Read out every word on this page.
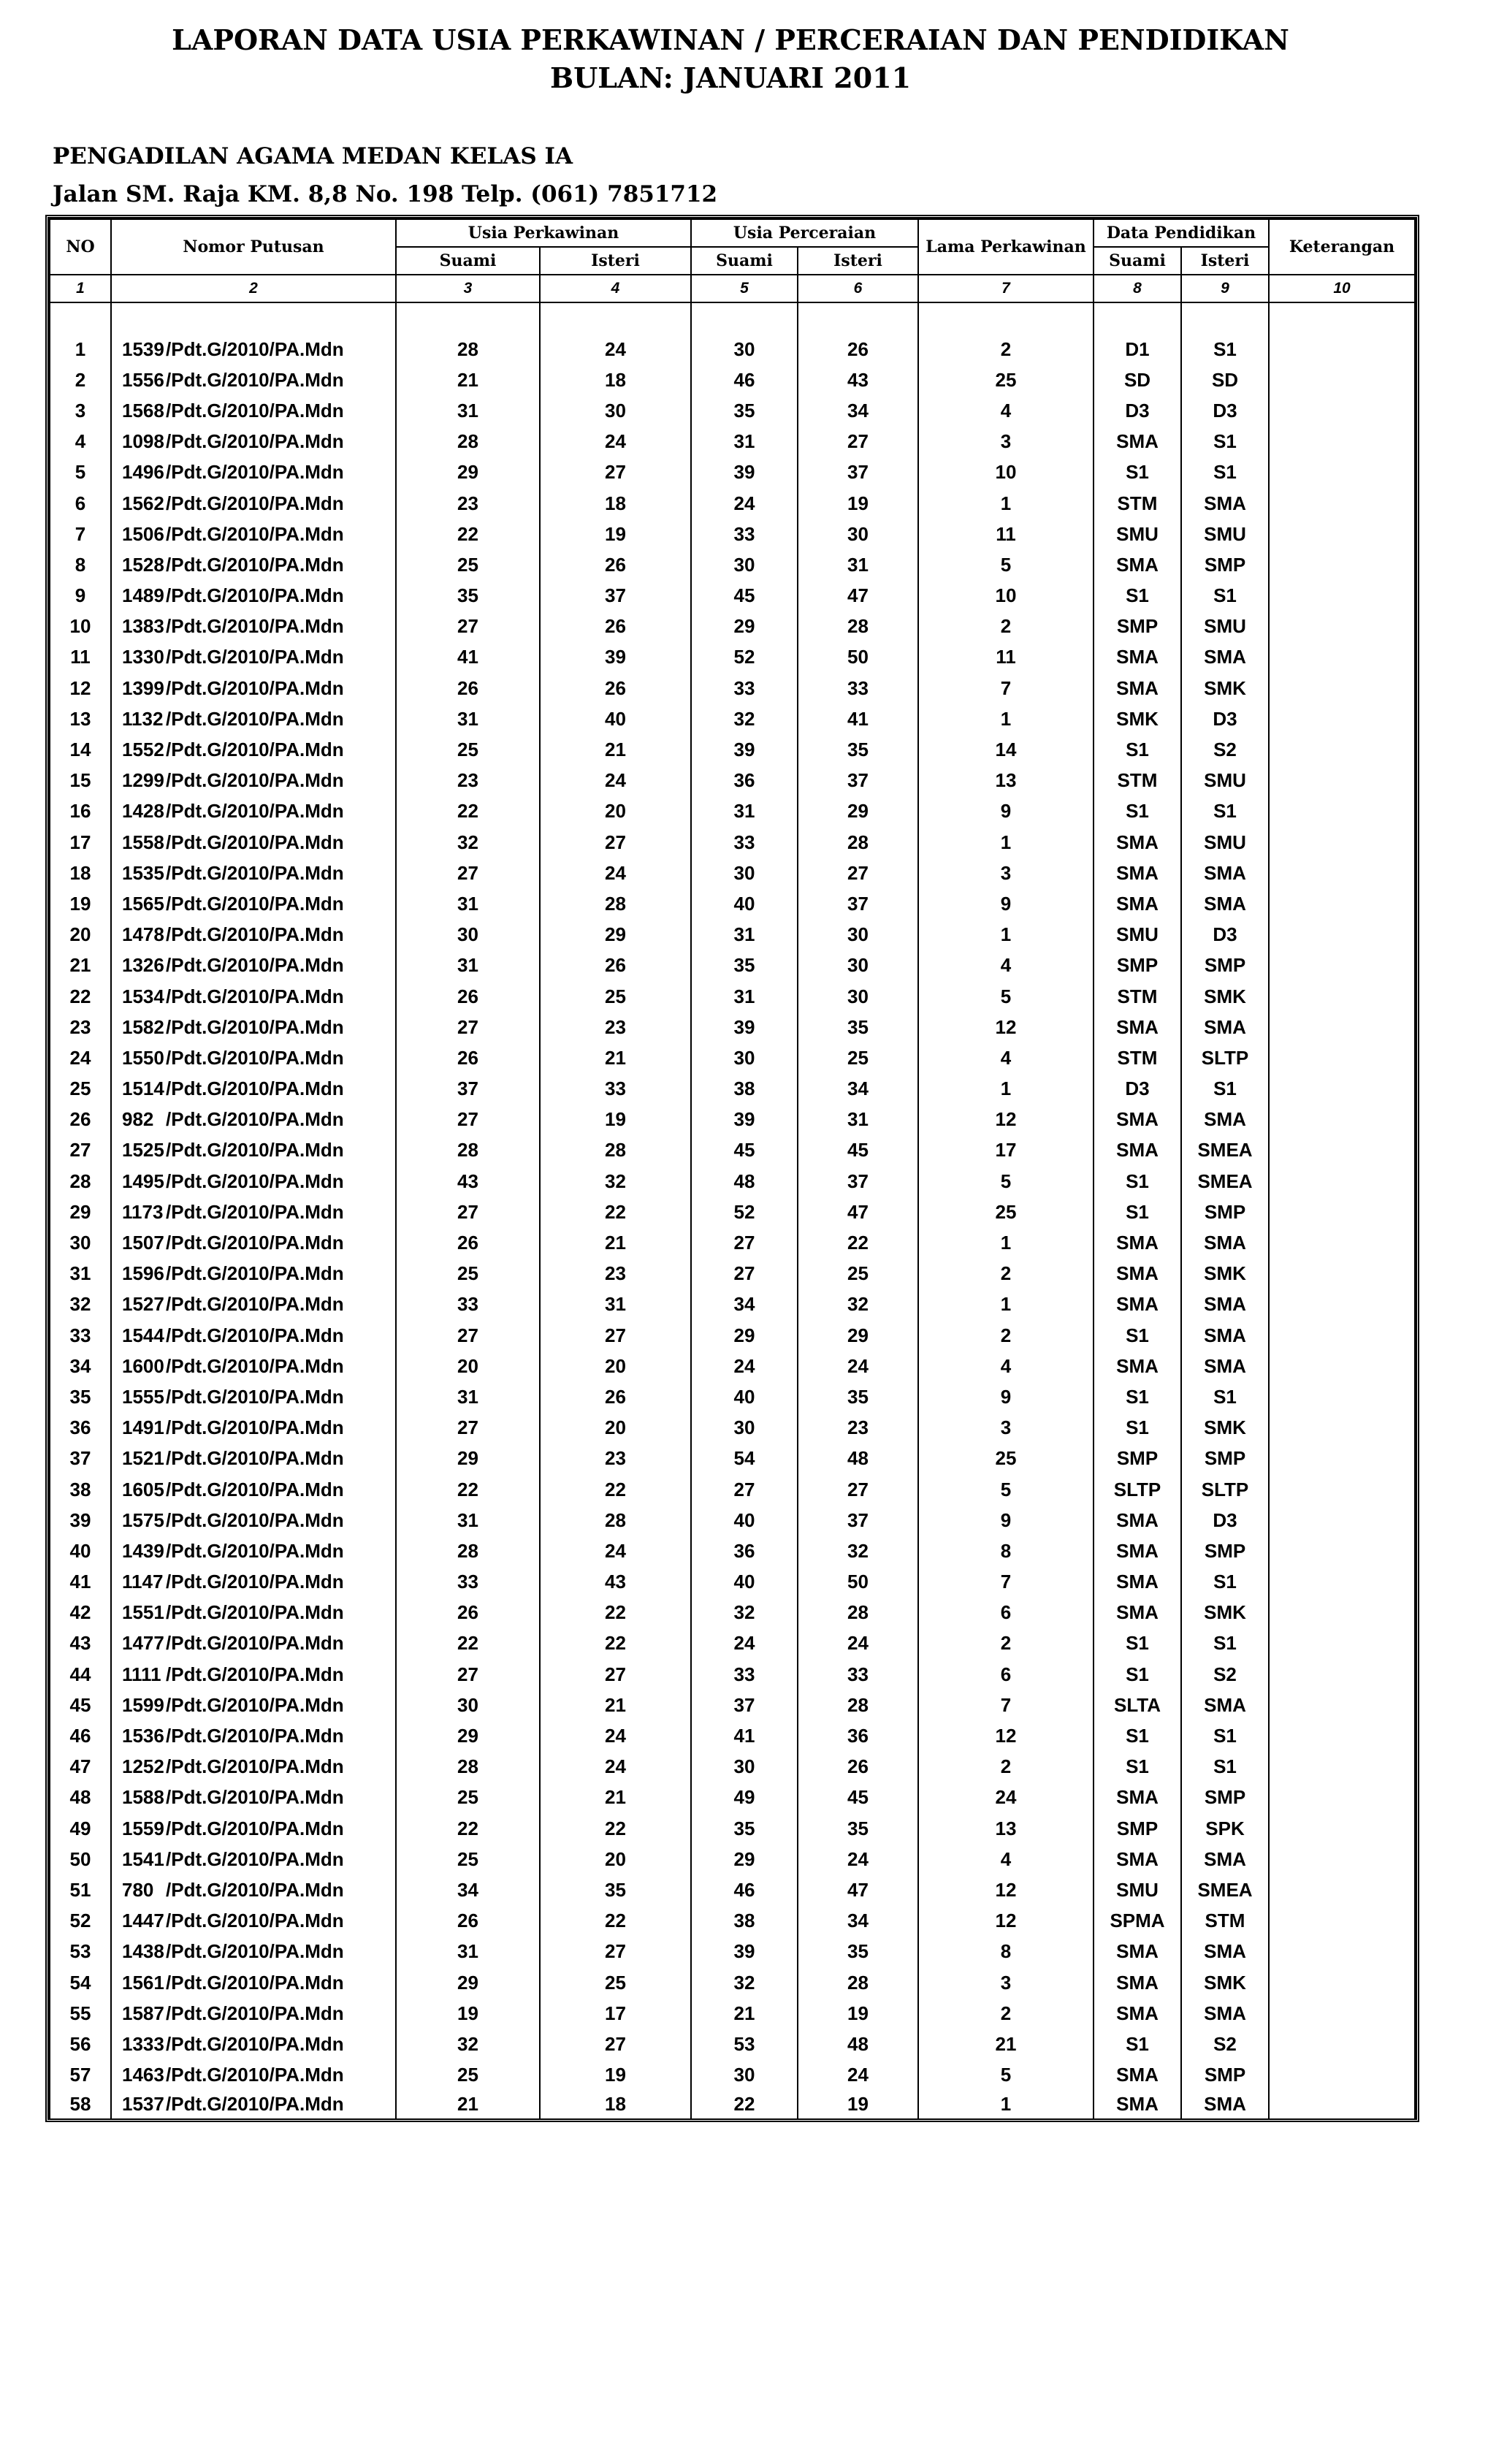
LAPORAN DATA USIA PERKAWINAN / PERCERAIAN DAN PENDIDIKAN
BULAN: JANUARI 2011
PENGADILAN AGAMA MEDAN KELAS IA
Jalan SM. Raja KM. 8,8 No. 198 Telp. (061) 7851712
NO	Nomor Putusan	Usia Perkawinan		Usia Perceraian		Lama Perkawinan	Data Pendidikan		Keterangan
		Suami	Isteri	Suami	Isteri		Suami	Isteri	
1	2	3	4	5	6	7	8	9	10

1	1539/Pdt.G/2010/PA.Mdn	28	24	30	26	2	D1	S1	
2	1556/Pdt.G/2010/PA.Mdn	21	18	46	43	25	SD	SD	
3	1568/Pdt.G/2010/PA.Mdn	31	30	35	34	4	D3	D3	
4	1098/Pdt.G/2010/PA.Mdn	28	24	31	27	3	SMA	S1	
5	1496/Pdt.G/2010/PA.Mdn	29	27	39	37	10	S1	S1	
6	1562/Pdt.G/2010/PA.Mdn	23	18	24	19	1	STM	SMA	
7	1506/Pdt.G/2010/PA.Mdn	22	19	33	30	11	SMU	SMU	
8	1528/Pdt.G/2010/PA.Mdn	25	26	30	31	5	SMA	SMP	
9	1489/Pdt.G/2010/PA.Mdn	35	37	45	47	10	S1	S1	
10	1383/Pdt.G/2010/PA.Mdn	27	26	29	28	2	SMP	SMU	
11	1330/Pdt.G/2010/PA.Mdn	41	39	52	50	11	SMA	SMA	
12	1399/Pdt.G/2010/PA.Mdn	26	26	33	33	7	SMA	SMK	
13	1132 /Pdt.G/2010/PA.Mdn	31	40	32	41	1	SMK	D3	
14	1552/Pdt.G/2010/PA.Mdn	25	21	39	35	14	S1	S2	
15	1299/Pdt.G/2010/PA.Mdn	23	24	36	37	13	STM	SMU	
16	1428/Pdt.G/2010/PA.Mdn	22	20	31	29	9	S1	S1	
17	1558/Pdt.G/2010/PA.Mdn	32	27	33	28	1	SMA	SMU	
18	1535/Pdt.G/2010/PA.Mdn	27	24	30	27	3	SMA	SMA	
19	1565/Pdt.G/2010/PA.Mdn	31	28	40	37	9	SMA	SMA	
20	1478/Pdt.G/2010/PA.Mdn	30	29	31	30	1	SMU	D3	
21	1326/Pdt.G/2010/PA.Mdn	31	26	35	30	4	SMP	SMP	
22	1534/Pdt.G/2010/PA.Mdn	26	25	31	30	5	STM	SMK	
23	1582/Pdt.G/2010/PA.Mdn	27	23	39	35	12	SMA	SMA	
24	1550/Pdt.G/2010/PA.Mdn	26	21	30	25	4	STM	SLTP	
25	1514/Pdt.G/2010/PA.Mdn	37	33	38	34	1	D3	S1	
26	982 /Pdt.G/2010/PA.Mdn	27	19	39	31	12	SMA	SMA	
27	1525/Pdt.G/2010/PA.Mdn	28	28	45	45	17	SMA	SMEA	
28	1495/Pdt.G/2010/PA.Mdn	43	32	48	37	5	S1	SMEA	
29	1173 /Pdt.G/2010/PA.Mdn	27	22	52	47	25	S1	SMP	
30	1507/Pdt.G/2010/PA.Mdn	26	21	27	22	1	SMA	SMA	
31	1596/Pdt.G/2010/PA.Mdn	25	23	27	25	2	SMA	SMK	
32	1527/Pdt.G/2010/PA.Mdn	33	31	34	32	1	SMA	SMA	
33	1544/Pdt.G/2010/PA.Mdn	27	27	29	29	2	S1	SMA	
34	1600/Pdt.G/2010/PA.Mdn	20	20	24	24	4	SMA	SMA	
35	1555/Pdt.G/2010/PA.Mdn	31	26	40	35	9	S1	S1	
36	1491/Pdt.G/2010/PA.Mdn	27	20	30	23	3	S1	SMK	
37	1521/Pdt.G/2010/PA.Mdn	29	23	54	48	25	SMP	SMP	
38	1605/Pdt.G/2010/PA.Mdn	22	22	27	27	5	SLTP	SLTP	
39	1575/Pdt.G/2010/PA.Mdn	31	28	40	37	9	SMA	D3	
40	1439/Pdt.G/2010/PA.Mdn	28	24	36	32	8	SMA	SMP	
41	1147 /Pdt.G/2010/PA.Mdn	33	43	40	50	7	SMA	S1	
42	1551/Pdt.G/2010/PA.Mdn	26	22	32	28	6	SMA	SMK	
43	1477/Pdt.G/2010/PA.Mdn	22	22	24	24	2	S1	S1	
44	1111 /Pdt.G/2010/PA.Mdn	27	27	33	33	6	S1	S2	
45	1599/Pdt.G/2010/PA.Mdn	30	21	37	28	7	SLTA	SMA	
46	1536/Pdt.G/2010/PA.Mdn	29	24	41	36	12	S1	S1	
47	1252/Pdt.G/2010/PA.Mdn	28	24	30	26	2	S1	S1	
48	1588/Pdt.G/2010/PA.Mdn	25	21	49	45	24	SMA	SMP	
49	1559/Pdt.G/2010/PA.Mdn	22	22	35	35	13	SMP	SPK	
50	1541/Pdt.G/2010/PA.Mdn	25	20	29	24	4	SMA	SMA	
51	780 /Pdt.G/2010/PA.Mdn	34	35	46	47	12	SMU	SMEA	
52	1447/Pdt.G/2010/PA.Mdn	26	22	38	34	12	SPMA	STM	
53	1438/Pdt.G/2010/PA.Mdn	31	27	39	35	8	SMA	SMA	
54	1561/Pdt.G/2010/PA.Mdn	29	25	32	28	3	SMA	SMK	
55	1587/Pdt.G/2010/PA.Mdn	19	17	21	19	2	SMA	SMA	
56	1333/Pdt.G/2010/PA.Mdn	32	27	53	48	21	S1	S2	
57	1463/Pdt.G/2010/PA.Mdn	25	19	30	24	5	SMA	SMP	
58	1537/Pdt.G/2010/PA.Mdn	21	18	22	19	1	SMA	SMA	
